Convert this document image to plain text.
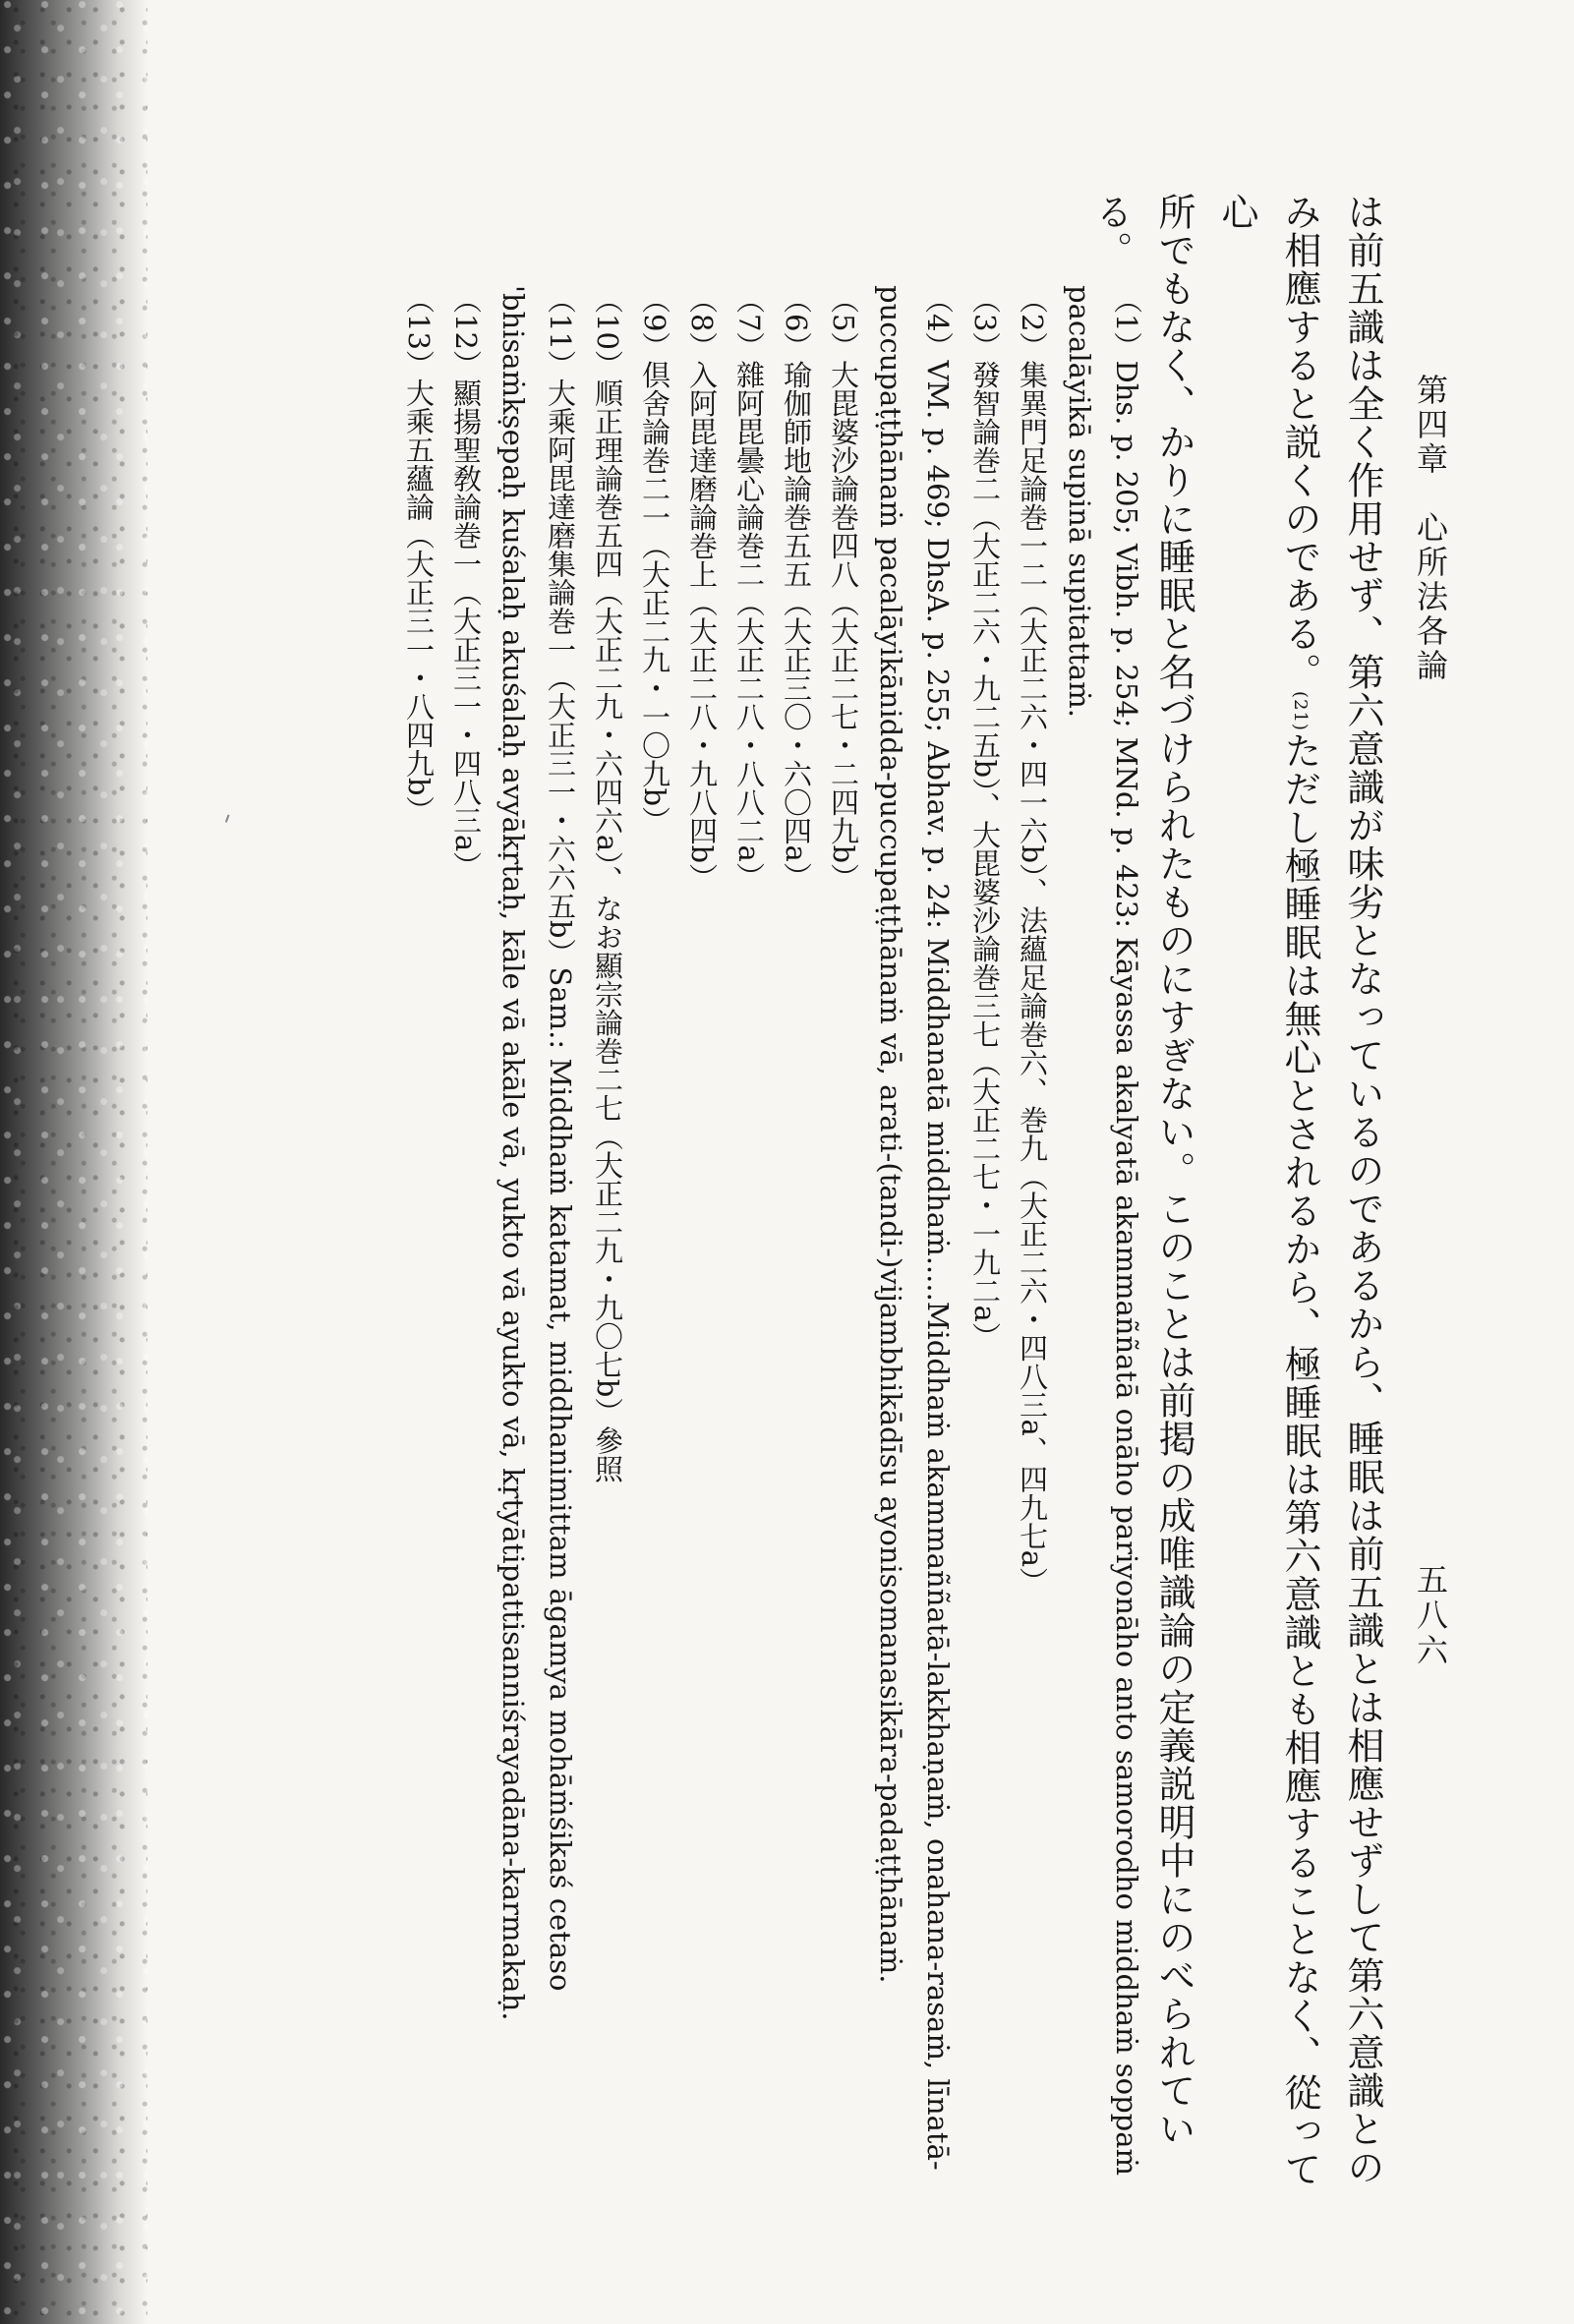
五八六
第四章　心所法各論

は前五識は全く作用せず、第六意識が味劣となっているのであるから、睡眠は前五識とは相應せずして第六意識との

み相應すると説くのである。(21)ただし極睡眠は無心とされるから、極睡眠は第六意識とも相應することなく、從って心

所でもなく、かりに睡眠と名づけられたものにすぎない。このことは前掲の成唯識論の定義説明中にのべられている。

（1）Dhs. p. 205; Vibh. p. 254; MNd. p. 423: Kāyassa akalyatā akammaññatā onāho pariyonāho anto samorodho middhaṁ soppaṁ pacalāyikā supinā supitattaṁ.

（2）集異門足論巻一二（大正二六・四一六b）、法蘊足論巻六、巻九（大正二六・四八三a、四九七a）

（3）發智論巻二（大正二六・九二五b）、大毘婆沙論巻三七（大正二七・一九二a）

（4）VM. p. 469; DhsA. p. 255; Abhav. p. 24: Middhanatā middhaṁ.....Middhaṁ akammaññatā-lakkhaṇaṁ, onahana-rasaṁ, līnatā-puccupaṭṭhānaṁ pacalāyikānidda-puccupaṭṭhānaṁ vā, arati-(tandi-)vijambhikādīsu ayonisomanasikāra-padaṭṭhānaṁ.

（5）大毘婆沙論巻四八（大正二七・二四九b）

（6）瑜伽師地論巻五五（大正三〇・六〇四a）

（7）雜阿毘曇心論巻二（大正二八・八八二a）

（8）入阿毘達磨論巻上（大正二八・九八四b）

（9）倶舍論巻二一（大正二九・一〇九b）

（10）順正理論巻五四（大正二九・六四六a）、なお顯宗論巻二七（大正二九・九〇七b）參照

（11）大乘阿毘達磨集論巻一（大正三一・六六五b）Sam.: Middhaṁ katamat, middhanimittam āgamya mohāṁśikaś cetaso 'bhisaṁkṣepaḥ kuśalaḥ akuśalaḥ avyākṛtaḥ, kāle vā akāle vā, yukto vā ayukto vā, kṛtyātipattisanniśrayadāna-karmakaḥ.

（12）顯揚聖敎論巻一（大正三一・四八三a）

（13）大乘五蘊論（大正三一・八四九b）
